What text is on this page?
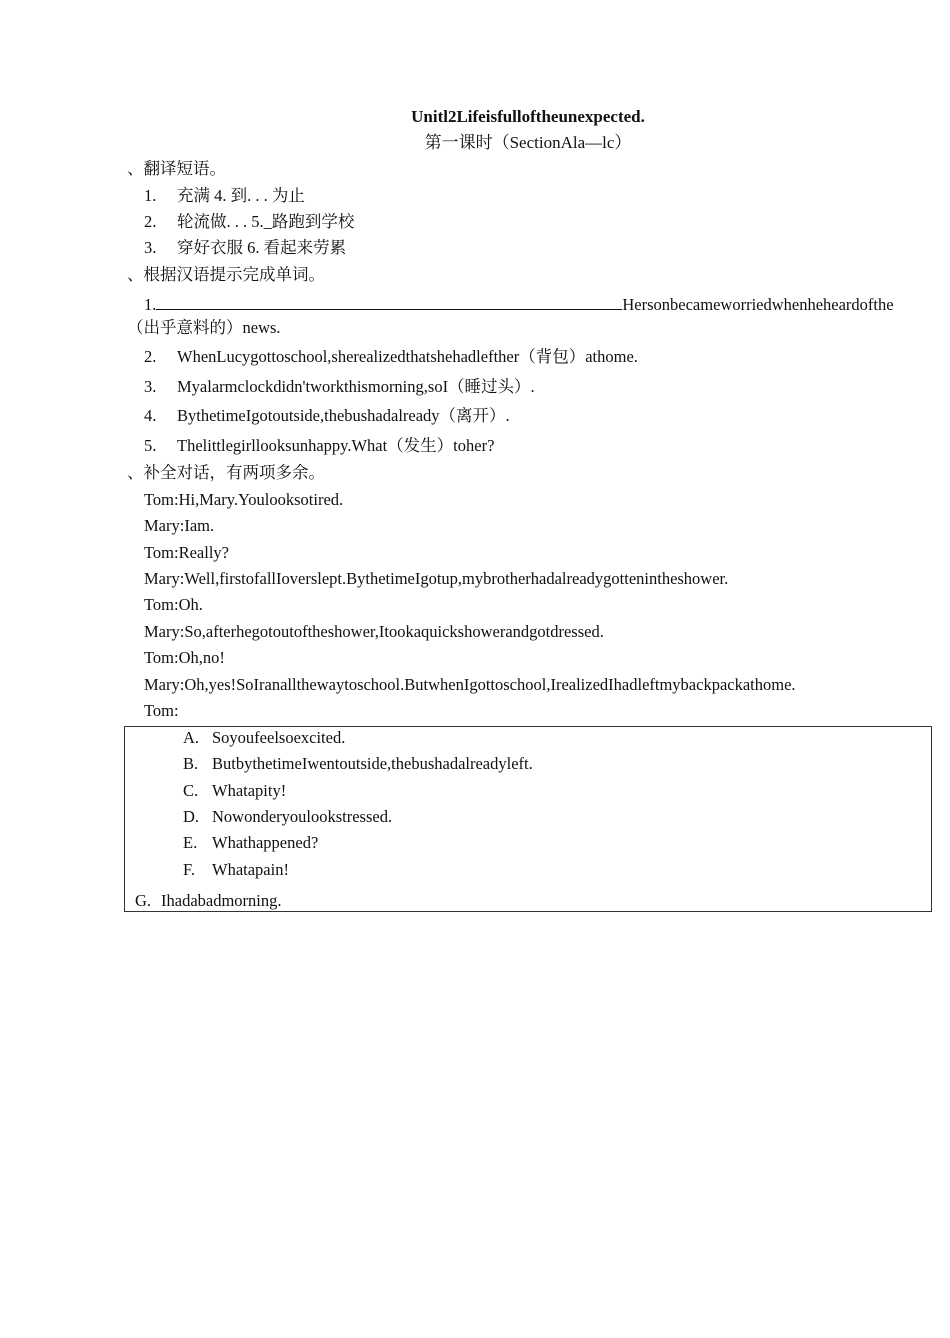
Unitl2Lifeisfulloftheunexpected.
第一课时（SectionAla—lc）
、翻译短语。
1. 充满 4. 到. . . 为止
2. 轮流做. . . 5._路跑到学校
3. 穿好衣服 6. 看起来劳累
、根据汉语提示完成单词。
1.	Hersonbecameworriedwhenheheardofthe
（出乎意料的）news.
2. WhenLucygottoschool,sherealizedthatshehadlefther（背包）athome.
3. Myalarmclockdidn'tworkthismorning,soI（睡过头）.
4. BythetimeIgotoutside,thebushadalready（离开）.
5. Thelittlegirllooksunhappy.What（发生）toher?
、补全对话，有两项多余。
Tom:Hi,Mary.Youlooksotired.
Mary:Iam.
Tom:Really?
Mary:Well,firstofallIoverslept.BythetimeIgotup,mybrotherhadalreadygottenintheshower.
Tom:Oh.
Mary:So,afterhegotoutoftheshower,Itookaquickshowerandgotdressed.
Tom:Oh,no!
Mary:Oh,yes!SoIranallthewaytoschool.ButwhenIgottoschool,IrealizedIhadleftmybackpackathome.
Tom:
A. Soyoufeelsoexcited.
B. ButbythetimeIwentoutside,thebushadalreadyleft.
C. Whatapity!
D. Nowonderyoulookstressed.
E. Whathappened?
F. Whatapain!
G. Ihadabadmorning.
